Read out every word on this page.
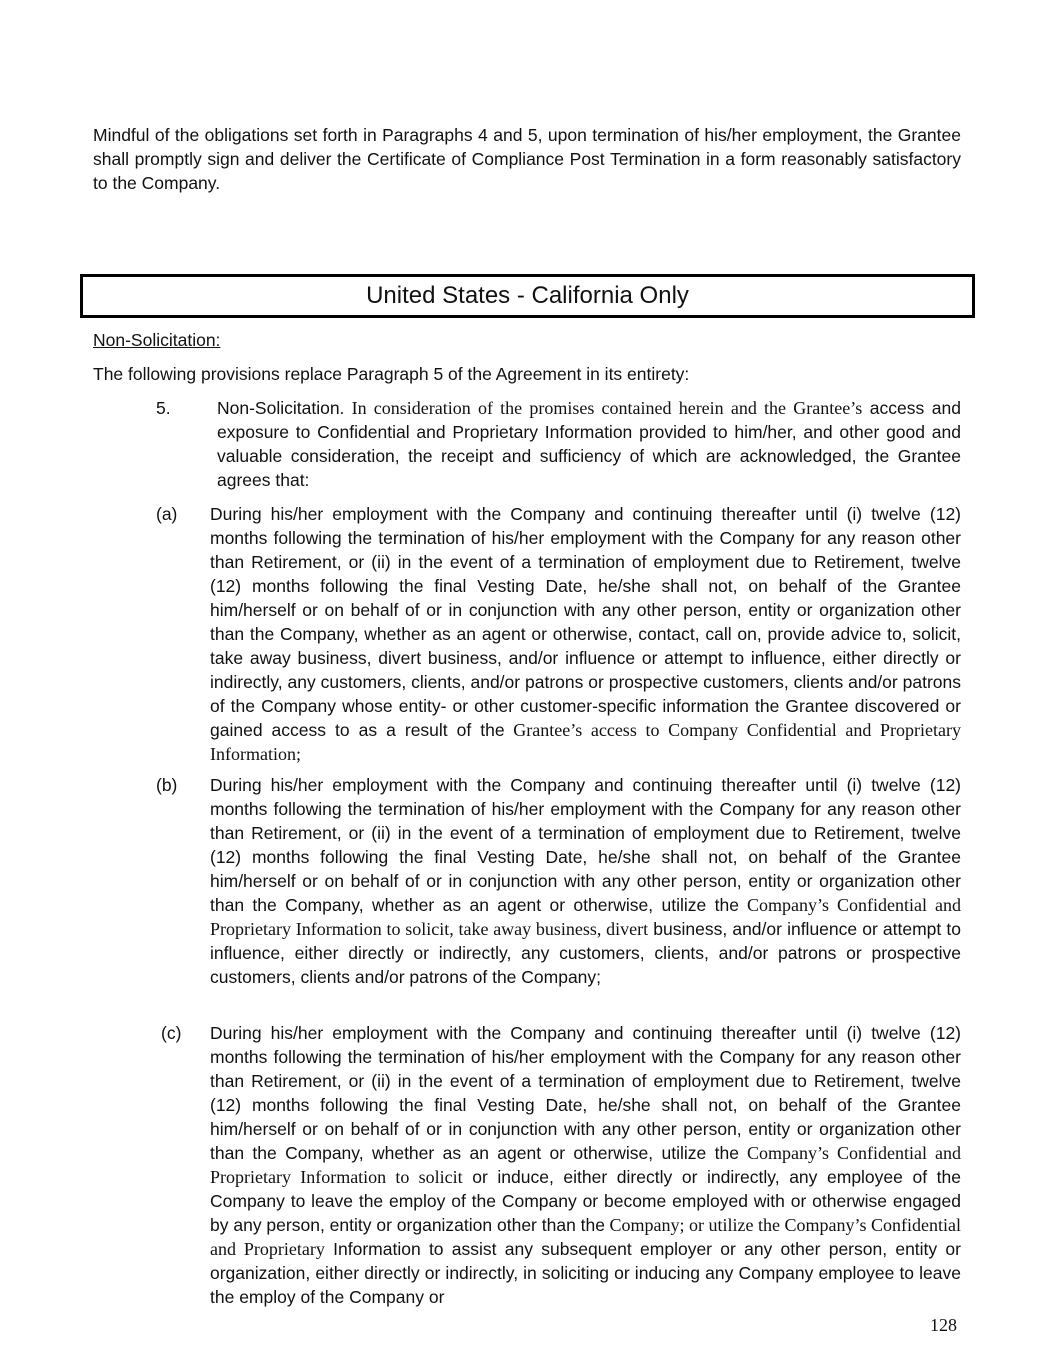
Mindful of the obligations set forth in Paragraphs 4 and 5, upon termination of his/her employment, the Grantee shall promptly sign and deliver the Certificate of Compliance Post Termination in a form reasonably satisfactory to the Company.

United States - California Only
Non-Solicitation:
The following provisions replace Paragraph 5 of the Agreement in its entirety:
5.	Non-Solicitation. In consideration of the promises contained herein and the Grantee’s access and exposure to Confidential and Proprietary Information provided to him/her, and other good and valuable consideration, the receipt and sufficiency of which are acknowledged, the Grantee agrees that:

(a) During his/her employment with the Company and continuing thereafter until (i) twelve (12) months following the termination of his/her employment with the Company for any reason other than Retirement, or (ii) in the event of a termination of employment due to Retirement, twelve (12) months following the final Vesting Date, he/she shall not, on behalf of the Grantee him/herself or on behalf of or in conjunction with any other person, entity or organization other than the Company, whether as an agent or otherwise, contact, call on, provide advice to, solicit, take away business, divert business, and/or influence or attempt to influence, either directly or indirectly, any customers, clients, and/or patrons or prospective customers, clients and/or patrons of the Company whose entity- or other customer-specific information the Grantee discovered or gained access to as a result of the Grantee’s access to Company Confidential and Proprietary Information;

(b) During his/her employment with the Company and continuing thereafter until (i) twelve (12) months following the termination of his/her employment with the Company for any reason other than Retirement, or (ii) in the event of a termination of employment due to Retirement, twelve (12) months following the final Vesting Date, he/she shall not, on behalf of the Grantee him/herself or on behalf of or in conjunction with any other person, entity or organization other than the Company, whether as an agent or otherwise, utilize the Company’s Confidential and Proprietary Information to solicit, take away business, divert business, and/or influence or attempt to influence, either directly or indirectly, any customers, clients, and/or patrons or prospective customers, clients and/or patrons of the Company;

(c) During his/her employment with the Company and continuing thereafter until (i) twelve (12) months following the termination of his/her employment with the Company for any reason other than Retirement, or (ii) in the event of a termination of employment due to Retirement, twelve (12) months following the final Vesting Date, he/she shall not, on behalf of the Grantee him/herself or on behalf of or in conjunction with any other person, entity or organization other than the Company, whether as an agent or otherwise, utilize the Company’s Confidential and Proprietary Information to solicit or induce, either directly or indirectly, any employee of the Company to leave the employ of the Company or become employed with or otherwise engaged by any person, entity or organization other than the Company; or utilize the Company’s Confidential and Proprietary Information to assist any subsequent employer or any other person, entity or organization, either directly or indirectly, in soliciting or inducing any Company employee to leave the employ of the Company or

128
